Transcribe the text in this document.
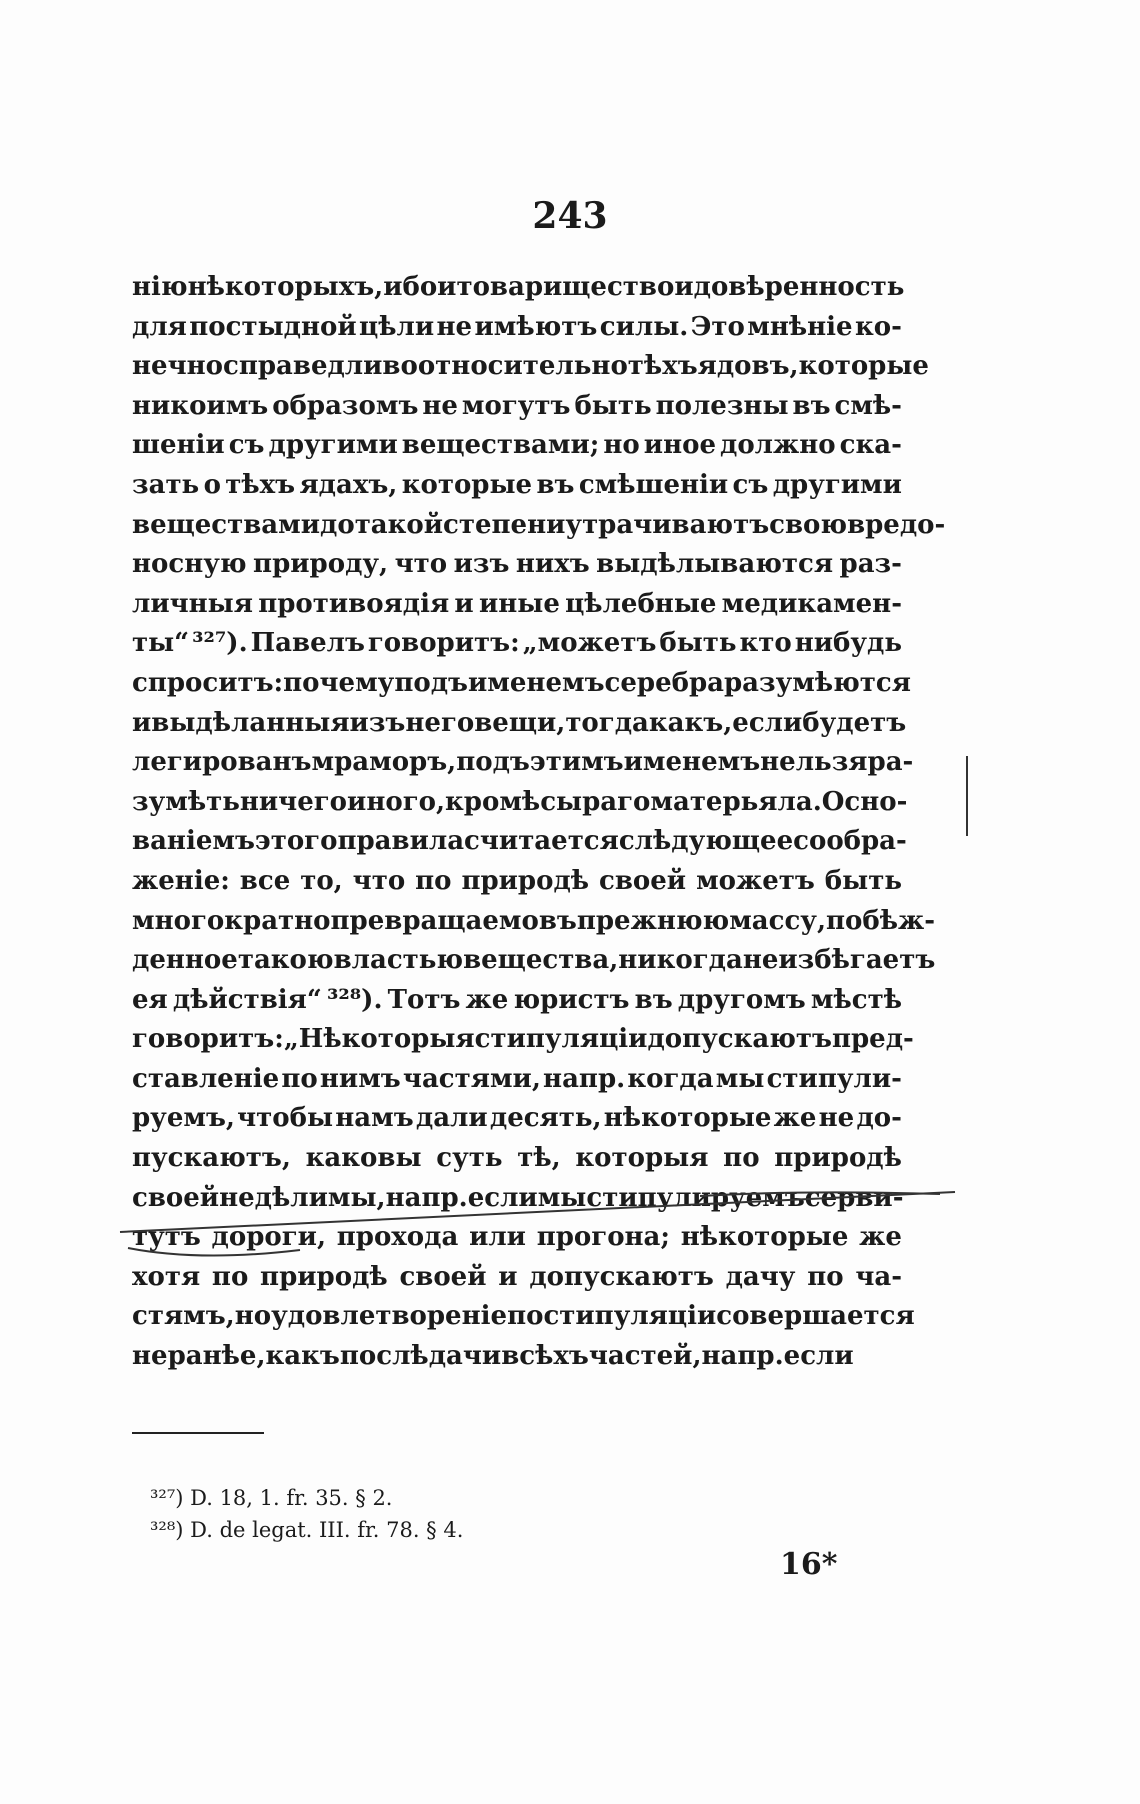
243
нію нѣкоторыхъ, ибо и товарищество и довѣренность
для постыдной цѣли не имѣютъ силы. Это мнѣніе ко-
нечно справедливо относительно тѣхъ ядовъ, которые
никоимъ образомъ не могутъ быть полезны въ смѣ-
шеніи съ другими веществами; но иное должно ска-
зать о тѣхъ ядахъ, которые въ смѣшеніи съ другими
веществами до такой степени утрачиваютъ свою вредо-
носную природу, что изъ нихъ выдѣлываются раз-
личныя противоядія и иные цѣлебные медикамен-
ты“ ³²⁷). Павелъ говоритъ: „можетъ быть кто нибудь
спроситъ: почему подъ именемъ серебра разумѣются
и выдѣланныя изъ него вещи, тогда какъ, если будетъ
легированъ мраморъ, подъ этимъ именемъ нельзя ра-
зумѣть ничего иного, кромѣ сыраго матерьяла. Осно-
ваніемъ этого правила считается слѣдующее сообра-
женіе: все то, что по природѣ своей можетъ быть
многократно превращаемо въ прежнюю массу, побѣж-
денное такою властью вещества, никогда не избѣгаетъ
ея дѣйствія“ ³²⁸). Тотъ же юристъ въ другомъ мѣстѣ
говоритъ: „Нѣкоторыя стипуляціи допускаютъ пред-
ставленіе по нимъ частями, напр. когда мы стипули-
руемъ, чтобы намъ дали десять, нѣкоторые же не до-
пускаютъ, каковы суть тѣ, которыя по природѣ
своей недѣлимы, напр. если мы стипулируемъ серви-
тутъ дороги, прохода или прогона; нѣкоторые же
хотя по природѣ своей и допускаютъ дачу по ча-
стямъ, но удовлетвореніе по стипуляціи совершается
не ранѣе, какъ послѣ дачи всѣхъ частей, напр. если
³²⁷) D. 18, 1. fr. 35. § 2.
³²⁸) D. de legat. III. fr. 78. § 4.
16*
